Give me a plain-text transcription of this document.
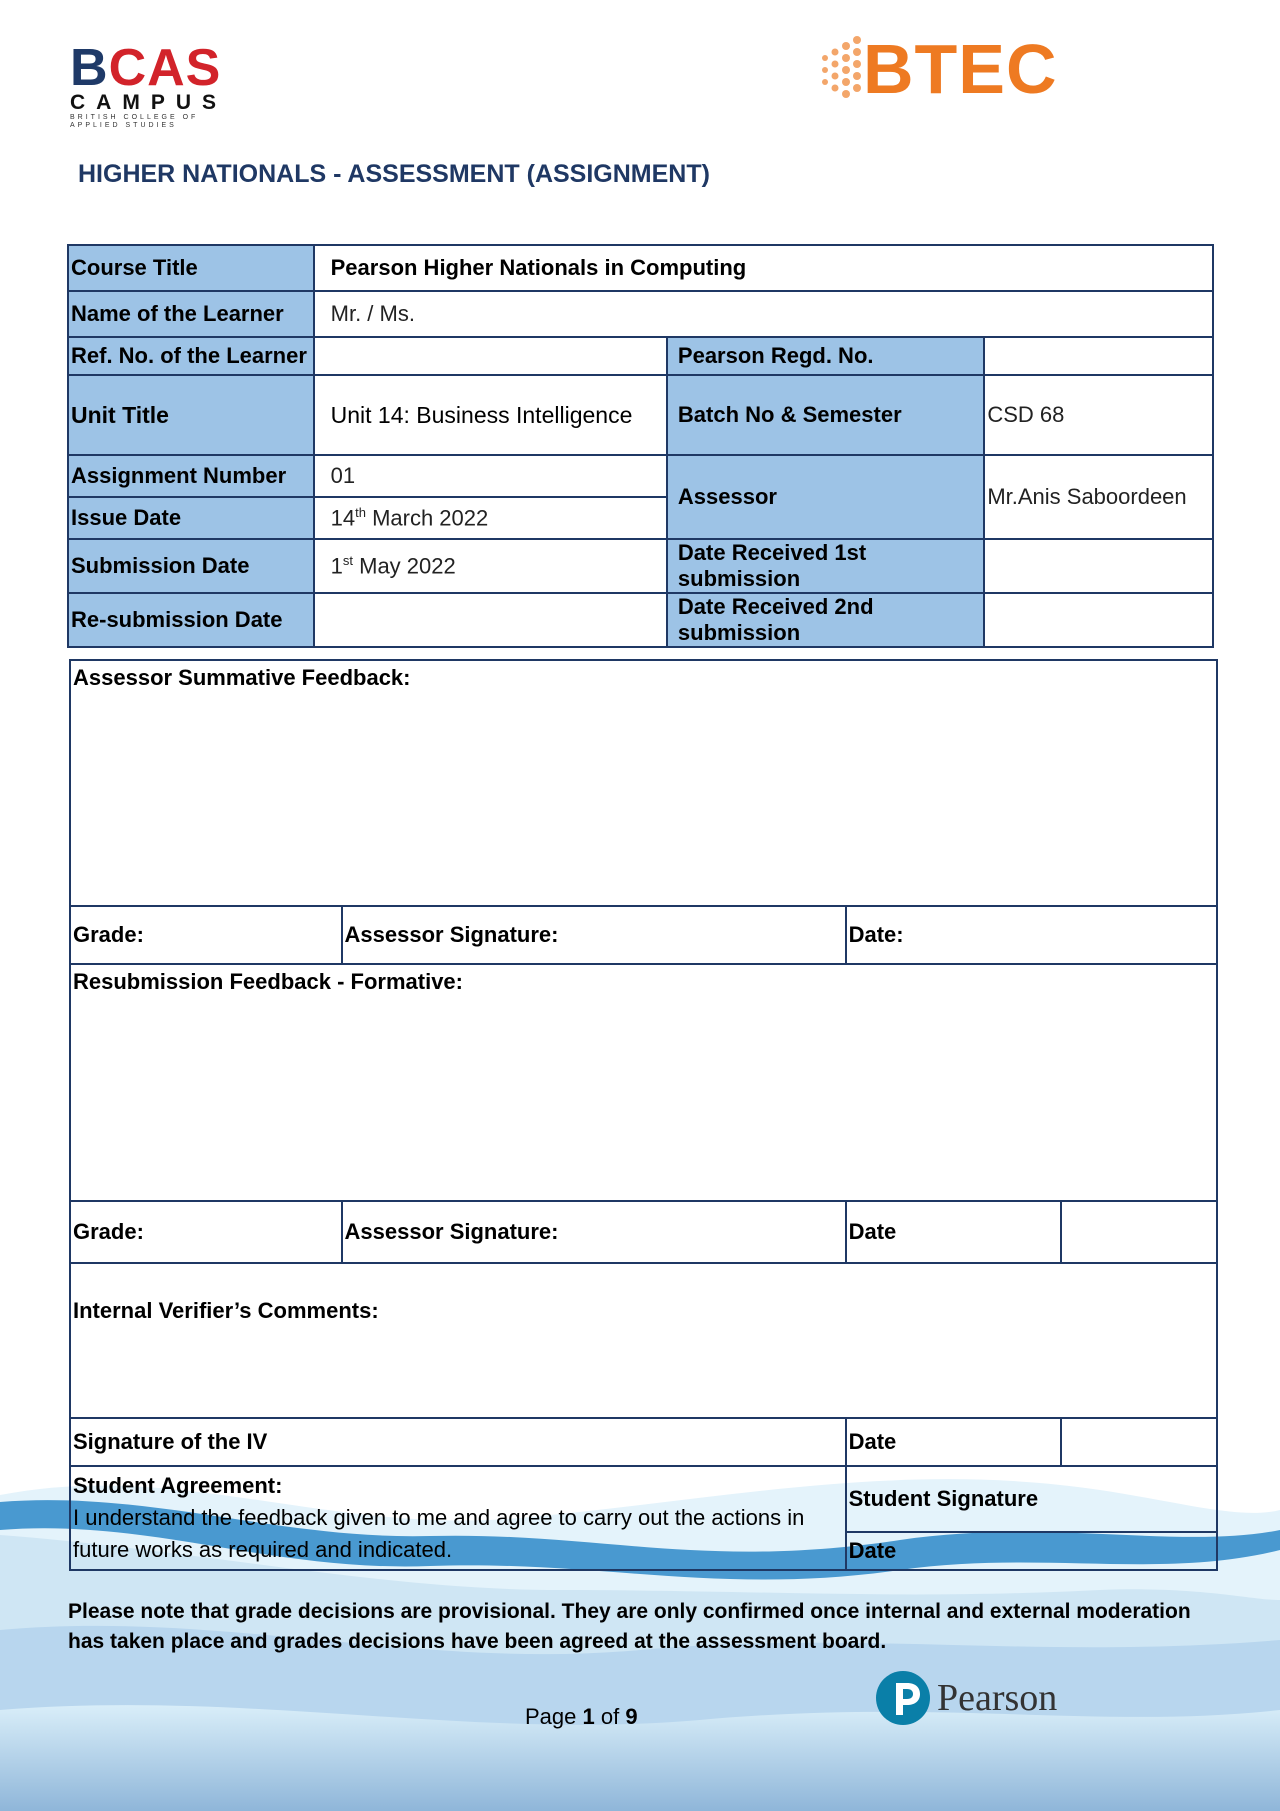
BCAS
CAMPUS
BRITISH COLLEGE OF APPLIED STUDIES
BTEC
HIGHER NATIONALS - ASSESSMENT (ASSIGNMENT)
Course Title	Pearson Higher Nationals in Computing		
Name of the Learner	Mr. / Ms.		
Ref. No. of the Learner		Pearson Regd. No.	
Unit Title	Unit 14: Business Intelligence	Batch No & Semester	CSD 68
Assignment Number	01	Assessor	Mr.Anis Saboordeen
Issue Date	14th March 2022		
Submission Date	1st May 2022	Date Received 1st submission	
Re-submission Date		Date Received 2nd submission	
Assessor Summative Feedback:			
Grade:	Assessor Signature:	Date:	
Resubmission Feedback - Formative:			
Grade:	Assessor Signature:	Date	
Internal Verifier’s Comments:			
Signature of the IV		Date	

Student Agreement:
I understand the feedback given to me and agree to carry out the actions in future works as required and indicated.		Student Signature	
		Date	
Please note that grade decisions are provisional. They are only confirmed once internal and external moderation has taken place and grades decisions have been agreed at the assessment board.
Page 1 of 9	Pearson
